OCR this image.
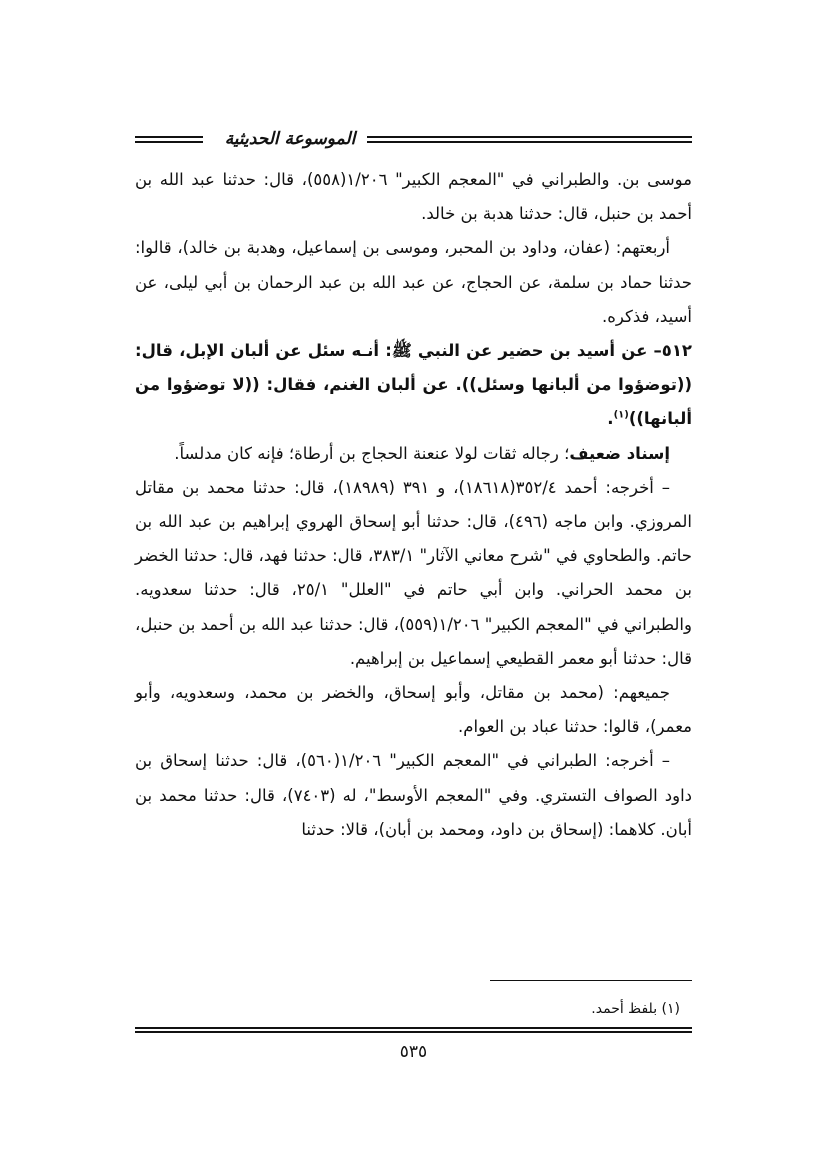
الموسوعة الحديثية

موسى بن. والطبراني في "المعجم الكبير" ١/٢٠٦(٥٥٨)، قال: حدثنا عبد الله بن أحمد بن حنبل، قال: حدثنا هدبة بن خالد.

أربعتهم: (عفان، وداود بن المحبر، وموسى بن إسماعيل، وهدبة بن خالد)، قالوا: حدثنا حماد بن سلمة، عن الحجاج، عن عبد الله بن عبد الرحمان بن أبي ليلى، عن أسيد، فذكره.

٥١٢– عن أسيد بن حضير عن النبي ﷺ: أنـه سئل عن ألبان الإبل، قال: ((توضؤوا من ألبانها وسئل)). عن ألبان الغنم، فقال: ((لا توضؤوا من ألبانها))$^{(١)}$.

إسناد ضعيف؛ رجاله ثقات لولا عنعنة الحجاج بن أرطاة؛ فإنه كان مدلساً.

– أخرجه: أحمد ٣٥٢/٤(١٨٦١٨)، و ٣٩١ (١٨٩٨٩)، قال: حدثنا محمد بن مقاتل المروزي. وابن ماجه (٤٩٦)، قال: حدثنا أبو إسحاق الهروي إبراهيم بن عبد الله بن حاتم. والطحاوي في "شرح معاني الآثار" ٣٨٣/١، قال: حدثنا فهد، قال: حدثنا الخضر بن محمد الحراني. وابن أبي حاتم في "العلل" ٢٥/١، قال: حدثنا سعدويه. والطبراني في "المعجم الكبير" ١/٢٠٦(٥٥٩)، قال: حدثنا عبد الله بن أحمد بن حنبل، قال: حدثنا أبو معمر القطيعي إسماعيل بن إبراهيم.

جميعهم: (محمد بن مقاتل، وأبو إسحاق، والخضر بن محمد، وسعدويه، وأبو معمر)، قالوا: حدثنا عباد بن العوام.

– أخرجه: الطبراني في "المعجم الكبير" ١/٢٠٦(٥٦٠)، قال: حدثنا إسحاق بن داود الصواف التستري. وفي "المعجم الأوسط"، له (٧٤٠٣)، قال: حدثنا محمد بن أبان. كلاهما: (إسحاق بن داود، ومحمد بن أبان)، قالا: حدثنا

(١) بلفظ أحمد.
٥٣٥
